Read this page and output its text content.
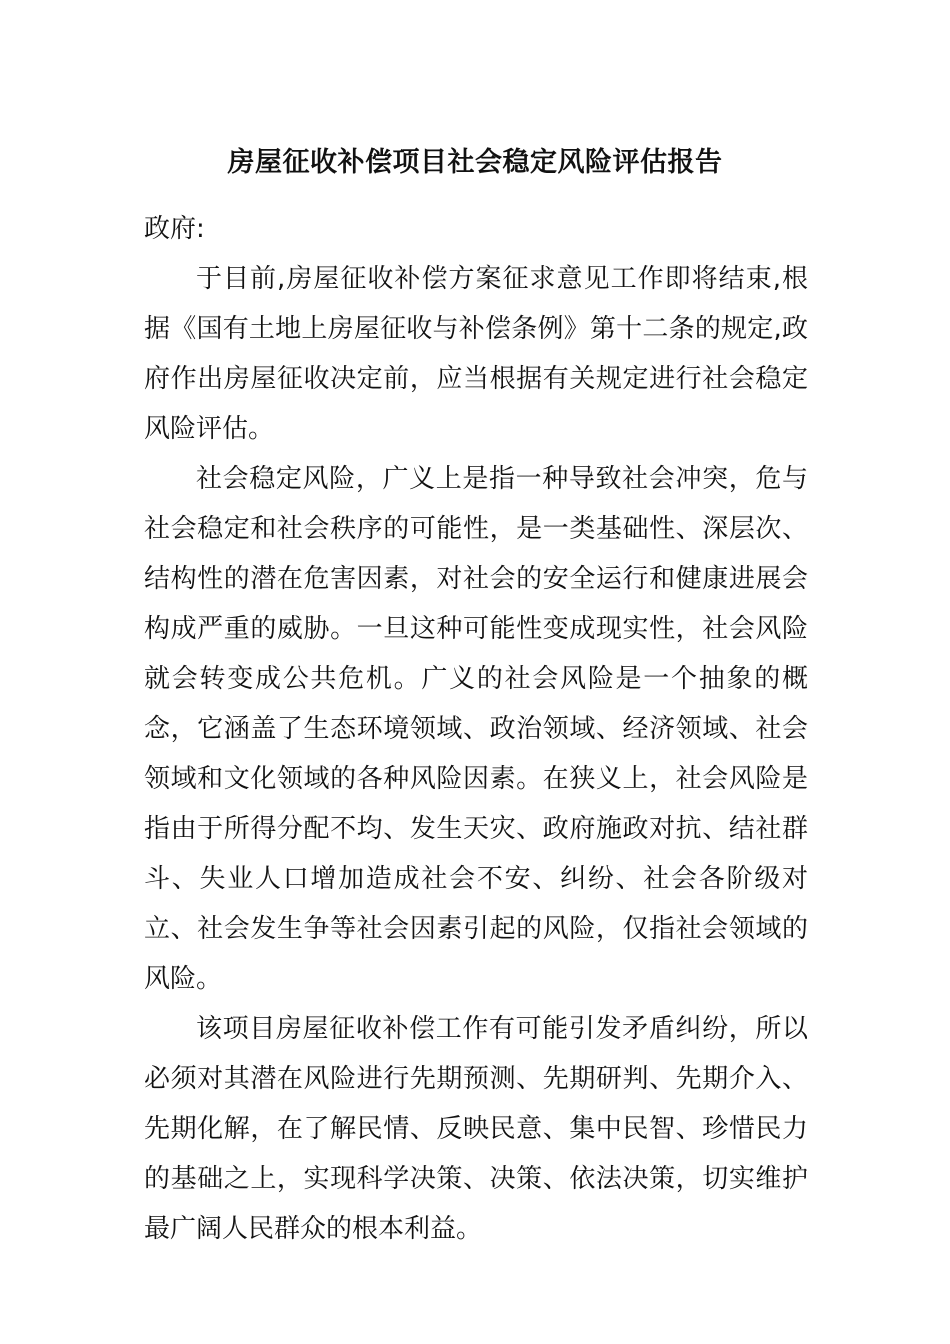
房屋征收补偿项目社会稳定风险评估报告

政府:

于目前,房屋征收补偿方案征求意见工作即将结束,根据《国有土地上房屋征收与补偿条例》第十二条的规定,政府作出房屋征收决定前，应当根据有关规定进行社会稳定风险评估。

社会稳定风险，广义上是指一种导致社会冲突，危与社会稳定和社会秩序的可能性，是一类基础性、深层次、结构性的潜在危害因素，对社会的安全运行和健康进展会构成严重的威胁。一旦这种可能性变成现实性，社会风险就会转变成公共危机。广义的社会风险是一个抽象的概念，它涵盖了生态环境领域、政治领域、经济领域、社会领域和文化领域的各种风险因素。在狭义上，社会风险是指由于所得分配不均、发生天灾、政府施政对抗、结社群斗、失业人口增加造成社会不安、纠纷、社会各阶级对立、社会发生争等社会因素引起的风险，仅指社会领域的风险。

该项目房屋征收补偿工作有可能引发矛盾纠纷，所以必须对其潜在风险进行先期预测、先期研判、先期介入、先期化解，在了解民情、反映民意、集中民智、珍惜民力的基础之上，实现科学决策、决策、依法决策，切实维护最广阔人民群众的根本利益。
